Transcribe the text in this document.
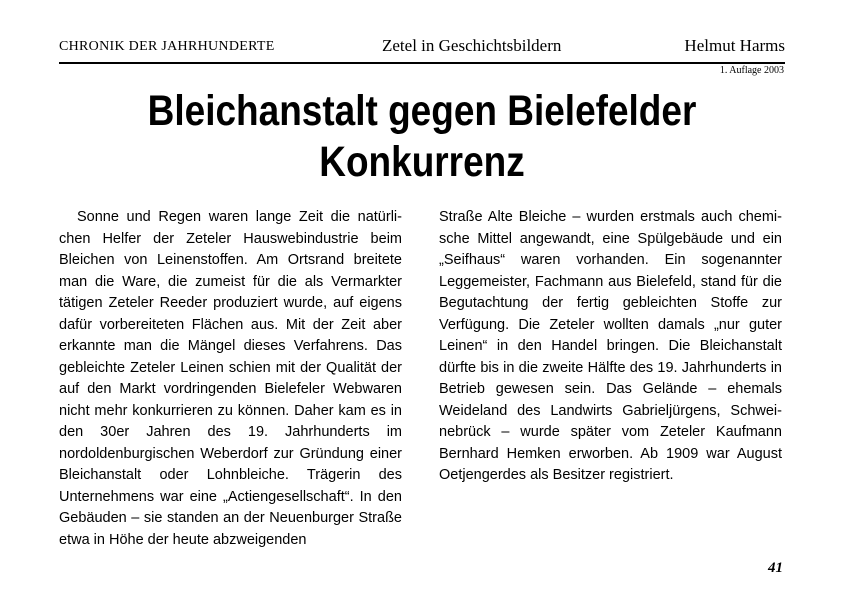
CHRONIK DER JAHRHUNDERTE	Zetel in Geschichtsbildern	Helmut Harms
1. Auflage 2003
Bleichanstalt gegen Bielefelder
Konkurrenz

Sonne und Regen waren lange Zeit die natürlichen Helfer der Zeteler Hauswebindustrie beim Bleichen von Leinenstoffen. Am Ortsrand breitete man die Ware, die zumeist für die als Vermarkter tätigen Zeteler Reeder produziert wurde, auf eigens dafür vorbereiteten Flächen aus. Mit der Zeit aber erkannte man die Mängel dieses Verfahrens. Das gebleichte Zeteler Leinen schien mit der Qualität der auf den Markt vordringenden Bielefeler Webwaren nicht mehr konkurrieren zu können. Daher kam es in den 30er Jahren des 19. Jahrhunderts im nordoldenburgischen Weberdorf zur Gründung einer Bleichanstalt oder Lohnbleiche. Trägerin des Unternehmens war eine „Actiengesellschaft“. In den Gebäuden – sie standen an der Neuenburger Straße etwa in Höhe der heute abzweigenden

Straße Alte Bleiche – wurden erstmals auch chemische Mittel angewandt, eine Spülgebäude und ein „Seifhaus“ waren vorhanden. Ein sogenannter Leggemeister, Fachmann aus Bielefeld, stand für die Begutachtung der fertig gebleichten Stoffe zur Verfügung. Die Zeteler wollten damals „nur guter Leinen“ in den Handel bringen. Die Bleichanstalt dürfte bis in die zweite Hälfte des 19. Jahrhunderts in Betrieb gewesen sein. Das Gelände – ehemals Weideland des Landwirts Gabrieljürgens, Schweinebrück – wurde später vom Zeteler Kaufmann Bernhard Hemken erworben. Ab 1909 war August Oetjengerdes als Besitzer registriert.

41
